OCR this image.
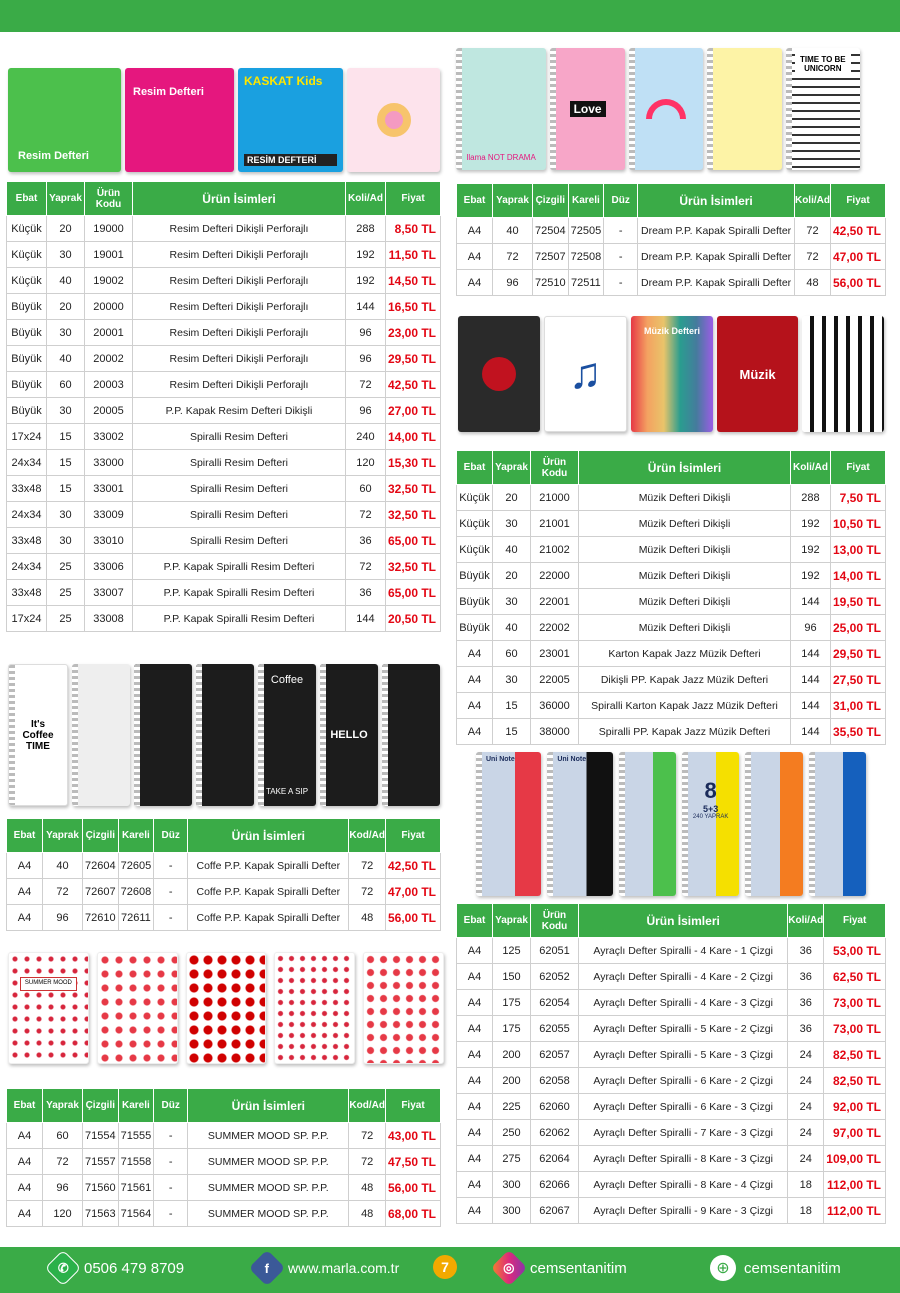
Resim Defteri
Resim Defteri
KASKAT Kids
RESİM DEFTERİ
Ebat	Yaprak	Ürün Kodu	Ürün İsimleri	Koli/Ad	Fiyat
Küçük	20	19000	Resim Defteri Dikişli Perforajlı	288	8,50 TL
Küçük	30	19001	Resim Defteri Dikişli Perforajlı	192	11,50 TL
Küçük	40	19002	Resim Defteri Dikişli Perforajlı	192	14,50 TL
Büyük	20	20000	Resim Defteri Dikişli Perforajlı	144	16,50 TL
Büyük	30	20001	Resim Defteri Dikişli Perforajlı	96	23,00 TL
Büyük	40	20002	Resim Defteri Dikişli Perforajlı	96	29,50 TL
Büyük	60	20003	Resim Defteri Dikişli Perforajlı	72	42,50 TL
Büyük	30	20005	P.P. Kapak Resim Defteri Dikişli	96	27,00 TL
17x24	15	33002	Spiralli Resim Defteri	240	14,00 TL
24x34	15	33000	Spiralli Resim Defteri	120	15,30 TL
33x48	15	33001	Spiralli Resim Defteri	60	32,50 TL
24x34	30	33009	Spiralli Resim Defteri	72	32,50 TL
33x48	30	33010	Spiralli Resim Defteri	36	65,00 TL
24x34	25	33006	P.P. Kapak Spiralli Resim Defteri	72	32,50 TL
33x48	25	33007	P.P. Kapak Spiralli Resim Defteri	36	65,00 TL
17x24	25	33008	P.P. Kapak Spiralli Resim Defteri	144	20,50 TL
llama NOT DRAMA
Love
TIME TO BE UNICORN
Ebat	Yaprak	Çizgili	Kareli	Düz	Ürün İsimleri	Koli/Ad	Fiyat
A4	40	72504	72505	-	Dream P.P. Kapak Spiralli Defter	72	42,50 TL
A4	72	72507	72508	-	Dream P.P. Kapak Spiralli Defter	72	47,00 TL
A4	96	72510	72511	-	Dream P.P. Kapak Spiralli Defter	48	56,00 TL
♫
Müzik Defteri
Müzik
Ebat	Yaprak	Ürün Kodu	Ürün İsimleri	Koli/Ad	Fiyat
Küçük	20	21000	Müzik Defteri Dikişli	288	7,50 TL
Küçük	30	21001	Müzik Defteri Dikişli	192	10,50 TL
Küçük	40	21002	Müzik Defteri Dikişli	192	13,00 TL
Büyük	20	22000	Müzik Defteri Dikişli	192	14,00 TL
Büyük	30	22001	Müzik Defteri Dikişli	144	19,50 TL
Büyük	40	22002	Müzik Defteri Dikişli	96	25,00 TL
A4	60	23001	Karton Kapak Jazz Müzik Defteri	144	29,50 TL
A4	30	22005	Dikişli PP. Kapak Jazz Müzik Defteri	144	27,50 TL
A4	15	36000	Spiralli Karton Kapak Jazz Müzik Defteri	144	31,00 TL
A4	15	38000	Spiralli PP. Kapak Jazz Müzik Defteri	144	35,50 TL
It's Coffee TIME
Coffee
TAKE A SIP
HELLO
Ebat	Yaprak	Çizgili	Kareli	Düz	Ürün İsimleri	Kod/Ad	Fiyat
A4	40	72604	72605	-	Coffe P.P. Kapak Spiralli Defter	72	42,50 TL
A4	72	72607	72608	-	Coffe P.P. Kapak Spiralli Defter	72	47,00 TL
A4	96	72610	72611	-	Coffe P.P. Kapak Spiralli Defter	48	56,00 TL
Uni Note	Uni Note
8
5+3
240 YAPRAK
Ebat	Yaprak	Ürün Kodu	Ürün İsimleri	Koli/Ad	Fiyat
A4	125	62051	Ayraçlı Defter Spiralli - 4 Kare - 1 Çizgi	36	53,00 TL
A4	150	62052	Ayraçlı Defter Spiralli - 4 Kare - 2 Çizgi	36	62,50 TL
A4	175	62054	Ayraçlı Defter Spiralli - 4 Kare - 3 Çizgi	36	73,00 TL
A4	175	62055	Ayraçlı Defter Spiralli - 5 Kare - 2 Çizgi	36	73,00 TL
A4	200	62057	Ayraçlı Defter Spiralli - 5 Kare - 3 Çizgi	24	82,50 TL
A4	200	62058	Ayraçlı Defter Spiralli - 6 Kare - 2 Çizgi	24	82,50 TL
A4	225	62060	Ayraçlı Defter Spiralli - 6 Kare - 3 Çizgi	24	92,00 TL
A4	250	62062	Ayraçlı Defter Spiralli - 7 Kare - 3 Çizgi	24	97,00 TL
A4	275	62064	Ayraçlı Defter Spiralli - 8 Kare - 3 Çizgi	24	109,00 TL
A4	300	62066	Ayraçlı Defter Spiralli - 8 Kare - 4 Çizgi	18	112,00 TL
A4	300	62067	Ayraçlı Defter Spiralli - 9 Kare - 3 Çizgi	18	112,00 TL
SUMMER MOOD
Ebat	Yaprak	Çizgili	Kareli	Düz	Ürün İsimleri	Kod/Ad	Fiyat
A4	60	71554	71555	-	SUMMER MOOD SP. P.P.	72	43,00 TL
A4	72	71557	71558	-	SUMMER MOOD SP. P.P.	72	47,50 TL
A4	96	71560	71561	-	SUMMER MOOD SP. P.P.	48	56,00 TL
A4	120	71563	71564	-	SUMMER MOOD SP. P.P.	48	68,00 TL
✆ 0506 479 8709	f www.marla.com.tr	7	◎ cemsentanitim	⊕ cemsentanitim
